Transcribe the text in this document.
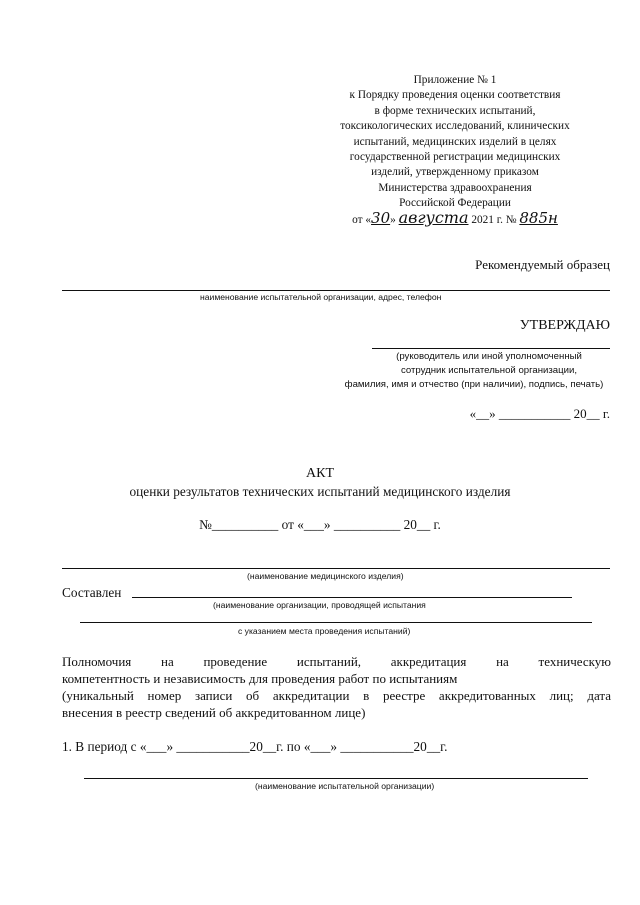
Приложение № 1
к Порядку проведения оценки соответствия
в форме технических испытаний,
токсикологических исследований, клинических
испытаний, медицинских изделий в целях
государственной регистрации медицинских
изделий, утвержденному приказом
Министерства здравоохранения
Российской Федерации
от «30» августа 2021 г. № 885н
Рекомендуемый образец
наименование испытательной организации, адрес, телефон
УТВЕРЖДАЮ
(руководитель или иной уполномоченный
сотрудник испытательной организации,
фамилия, имя и отчество (при наличии), подпись, печать)
«__» ___________ 20__ г.
АКТ
оценки результатов технических испытаний медицинского изделия
№__________ от «___» __________ 20__ г.
(наименование медицинского изделия)
Составлен
(наименование организации, проводящей испытания
с указанием места проведения испытаний)
Полномочия на проведение испытаний, аккредитация на техническую
компетентность и независимость для проведения работ по испытаниям
(уникальный номер записи об аккредитации в реестре аккредитованных лиц; дата
внесения в реестр сведений об аккредитованном лице)
1. В период с «___» ___________20__г. по «___» ___________20__г.
(наименование испытательной организации)
